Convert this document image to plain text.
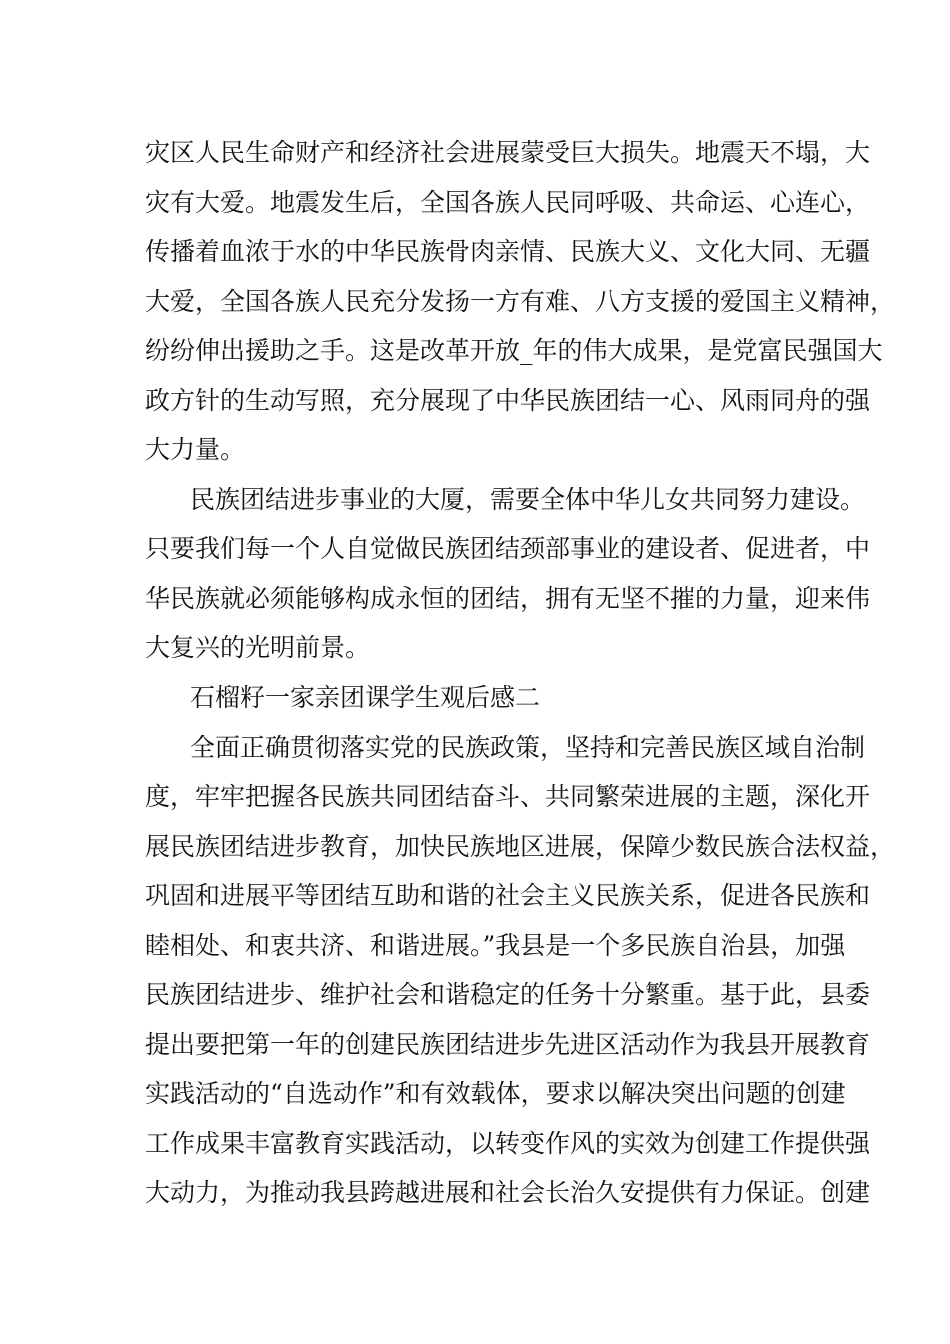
灾区人民生命财产和经济社会进展蒙受巨大损失。地震天不塌，大
灾有大爱。地震发生后，全国各族人民同呼吸、共命运、心连心，
传播着血浓于水的中华民族骨肉亲情、民族大义、文化大同、无疆
大爱，全国各族人民充分发扬一方有难、八方支援的爱国主义精神，
纷纷伸出援助之手。这是改革开放_年的伟大成果，是党富民强国大
政方针的生动写照，充分展现了中华民族团结一心、风雨同舟的强
大力量。
民族团结进步事业的大厦，需要全体中华儿女共同努力建设。
只要我们每一个人自觉做民族团结颈部事业的建设者、促进者，中
华民族就必须能够构成永恒的团结，拥有无坚不摧的力量，迎来伟
大复兴的光明前景。
石榴籽一家亲团课学生观后感二
全面正确贯彻落实党的民族政策，坚持和完善民族区域自治制
度，牢牢把握各民族共同团结奋斗、共同繁荣进展的主题，深化开
展民族团结进步教育，加快民族地区进展，保障少数民族合法权益，
巩固和进展平等团结互助和谐的社会主义民族关系，促进各民族和
睦相处、和衷共济、和谐进展。”我县是一个多民族自治县，加强
民族团结进步、维护社会和谐稳定的任务十分繁重。基于此，县委
提出要把第一年的创建民族团结进步先进区活动作为我县开展教育
实践活动的“自选动作”和有效载体，要求以解决突出问题的创建
工作成果丰富教育实践活动，以转变作风的实效为创建工作提供强
大动力，为推动我县跨越进展和社会长治久安提供有力保证。创建
